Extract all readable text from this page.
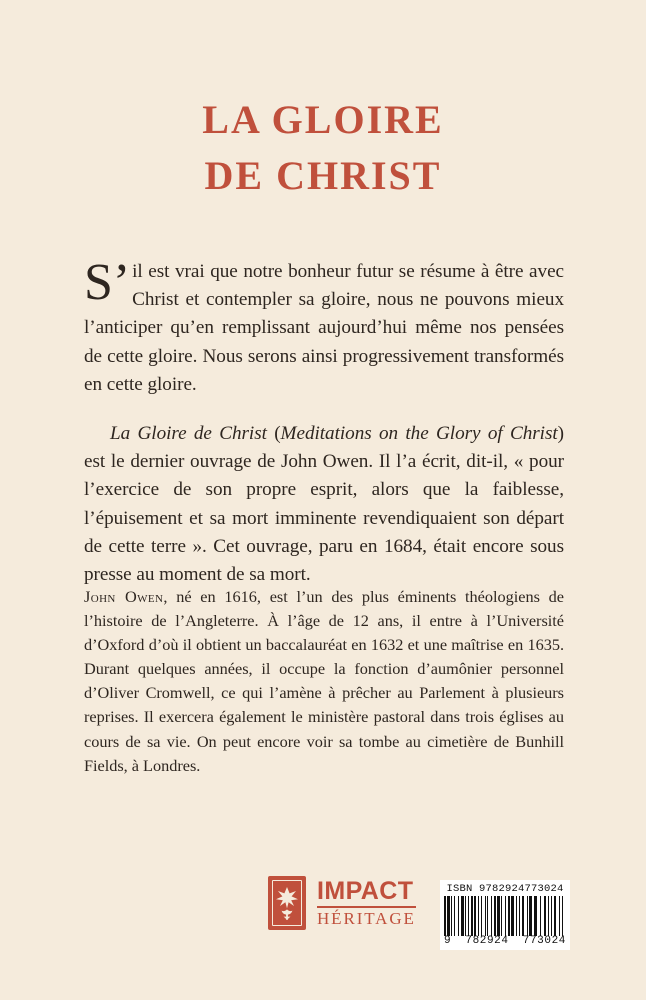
LA GLOIRE
DE CHRIST

S’il est vrai que notre bonheur futur se résume à être avec Christ et contempler sa gloire, nous ne pouvons mieux l’anticiper qu’en remplissant aujourd’hui même nos pensées de cette gloire. Nous serons ainsi progressivement transformés en cette gloire.

La Gloire de Christ (Meditations on the Glory of Christ) est le dernier ouvrage de John Owen. Il l’a écrit, dit-il, « pour l’exercice de son propre esprit, alors que la faiblesse, l’épuisement et sa mort imminente revendiquaient son départ de cette terre ». Cet ouvrage, paru en 1684, était encore sous presse au moment de sa mort.

John Owen, né en 1616, est l’un des plus éminents théologiens de l’histoire de l’Angleterre. À l’âge de 12 ans, il entre à l’Université d’Oxford d’où il obtient un baccalauréat en 1632 et une maîtrise en 1635. Durant quelques années, il occupe la fonction d’aumônier personnel d’Oliver Cromwell, ce qui l’amène à prêcher au Parlement à plusieurs reprises. Il exercera également le ministère pastoral dans trois églises au cours de sa vie. On peut encore voir sa tombe au cimetière de Bunhill Fields, à Londres.

IMPACT
HÉRITAGE
ISBN 9782924773024
9 782924 773024
